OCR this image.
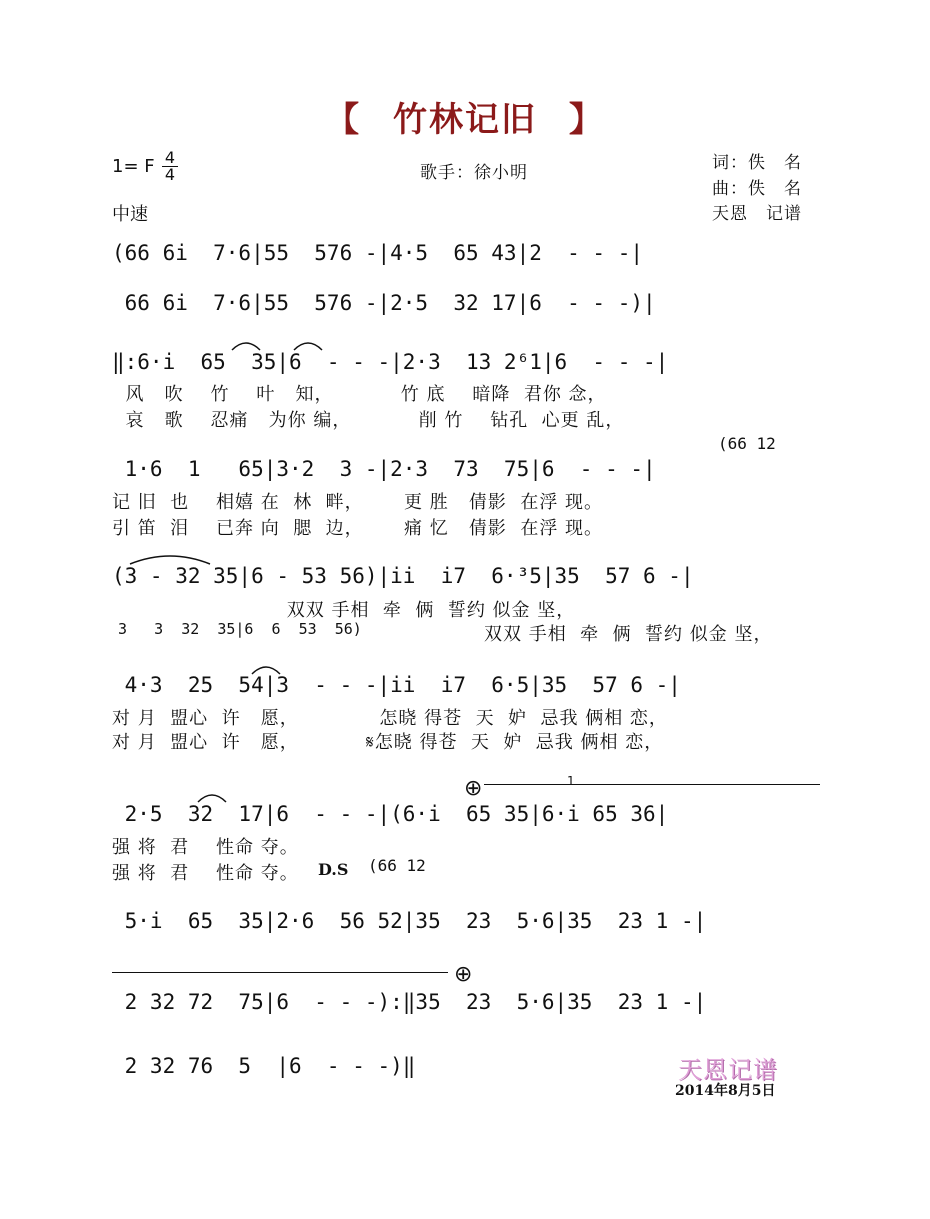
【 竹林记旧 】
1= F 4
4
中速
歌手：徐小明	词：佚　名
曲：佚　名
天恩　记谱
(66 6i  7·6|55  576 -|4·5  65 43|2  - - -|
66 6i  7·6|55  576 -|2·5  32 17|6  - - -)|
‖:6·i  65  35|6  - - -|2·3  13 2⁶1|6  - - -|
风   吹    竹    叶   知，          竹 底    暗降  君你 念，
哀   歌    忍痛   为你 编，          削 竹    钻孔  心更 乱，
(66 12
1·6  1   65|3·2  3 -|2·3  73  75|6  - - -|
记 旧  也    相嬉 在  林  畔，      更 胜   倩影  在浮 现。
引 笛  泪    已奔 向  腮  边，      痛 忆   倩影  在浮 现。
(3 - 32 35|6 - 53 56)|ii  i7  6·³5|35  57 6 -|
双双 手相  牵  俩  誓约 似金 坚，
3   3  32  35|6  6  53  56)	双双 手相  牵  俩  誓约 似金 坚，
4·3  25  54|3  - - -|ii  i7  6·5|35  57 6 -|
对 月  盟心  许   愿，            怎晓 得苍  天  妒  忌我 俩相 恋，
对 月  盟心  许   愿，          𝄋怎晓 得苍  天  妒  忌我 俩相 恋，
⊕	1
2·5  32  17|6  - - -|(6·i  65 35|6·i 65 36|
强 将  君    性命 夺。
强 将  君    性命 夺。	D.S (66 12
5·i  65  35|2·6  56 52|35  23  5·6|35  23 1 -|
⊕
2 32 72  75|6  - - -):‖35  23  5·6|35  23 1 -|
2 32 76  5  |6  - - -)‖	天恩记谱
2014年8月5日
